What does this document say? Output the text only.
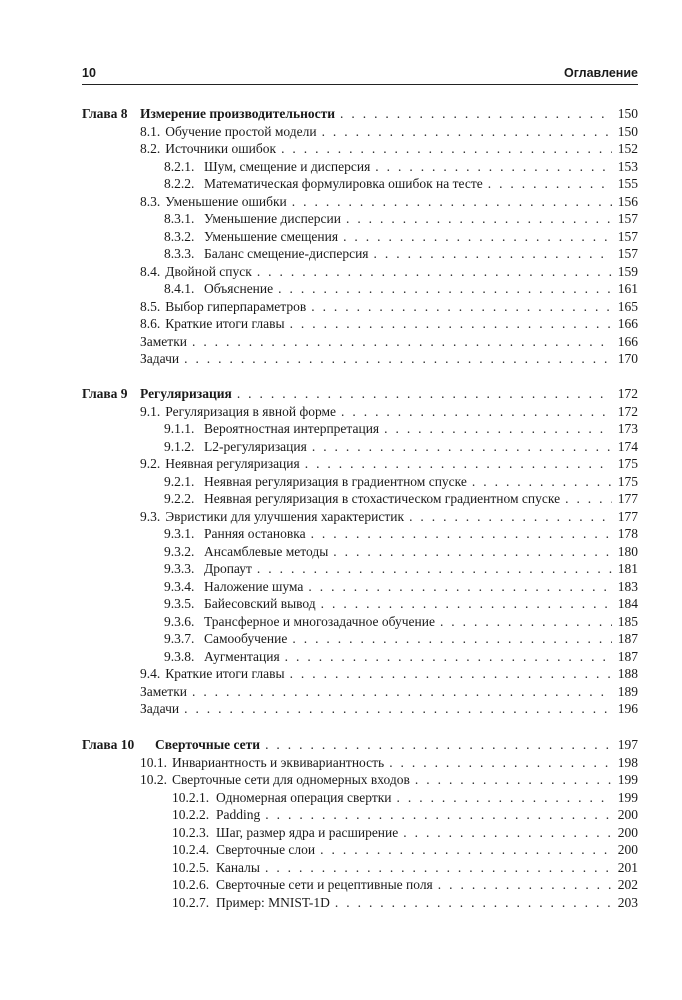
10	Оглавление
Глава 8 Измерение производительности . . .	150
8.1. Обучение простой модели . . .	150
8.2. Источники ошибок . . .	152
8.2.1. Шум, смещение и дисперсия . . .	153
8.2.2. Математическая формулировка ошибок на тесте . . .	155
8.3. Уменьшение ошибки . . .	156
8.3.1. Уменьшение дисперсии . . .	157
8.3.2. Уменьшение смещения . . .	157
8.3.3. Баланс смещение-дисперсия . . .	157
8.4. Двойной спуск . . .	159
8.4.1. Объяснение . . .	161
8.5. Выбор гиперпараметров . . .	165
8.6. Краткие итоги главы . . .	166
Заметки . . .	166
Задачи . . .	170
Глава 9 Регуляризация . . .	172
9.1. Регуляризация в явной форме . . .	172
9.1.1. Вероятностная интерпретация . . .	173
9.1.2. L2-регуляризация . . .	174
9.2. Неявная регуляризация . . .	175
9.2.1. Неявная регуляризация в градиентном спуске . . .	175
9.2.2. Неявная регуляризация в стохастическом градиентном спуске . . .	177
9.3. Эвристики для улучшения характеристик . . .	177
9.3.1. Ранняя остановка . . .	178
9.3.2. Ансамблевые методы . . .	180
9.3.3. Дропаут . . .	181
9.3.4. Наложение шума . . .	183
9.3.5. Байесовский вывод . . .	184
9.3.6. Трансферное и многозадачное обучение . . .	185
9.3.7. Самообучение . . .	187
9.3.8. Аугментация . . .	187
9.4. Краткие итоги главы . . .	188
Заметки . . .	189
Задачи . . .	196
Глава 10 Сверточные сети . . .	197
10.1. Инвариантность и эквивариантность . . .	198
10.2. Сверточные сети для одномерных входов . . .	199
10.2.1. Одномерная операция свертки . . .	199
10.2.2. Padding . . .	200
10.2.3. Шаг, размер ядра и расширение . . .	200
10.2.4. Сверточные слои . . .	200
10.2.5. Каналы . . .	201
10.2.6. Сверточные сети и рецептивные поля . . .	202
10.2.7. Пример: MNIST-1D . . .	203
